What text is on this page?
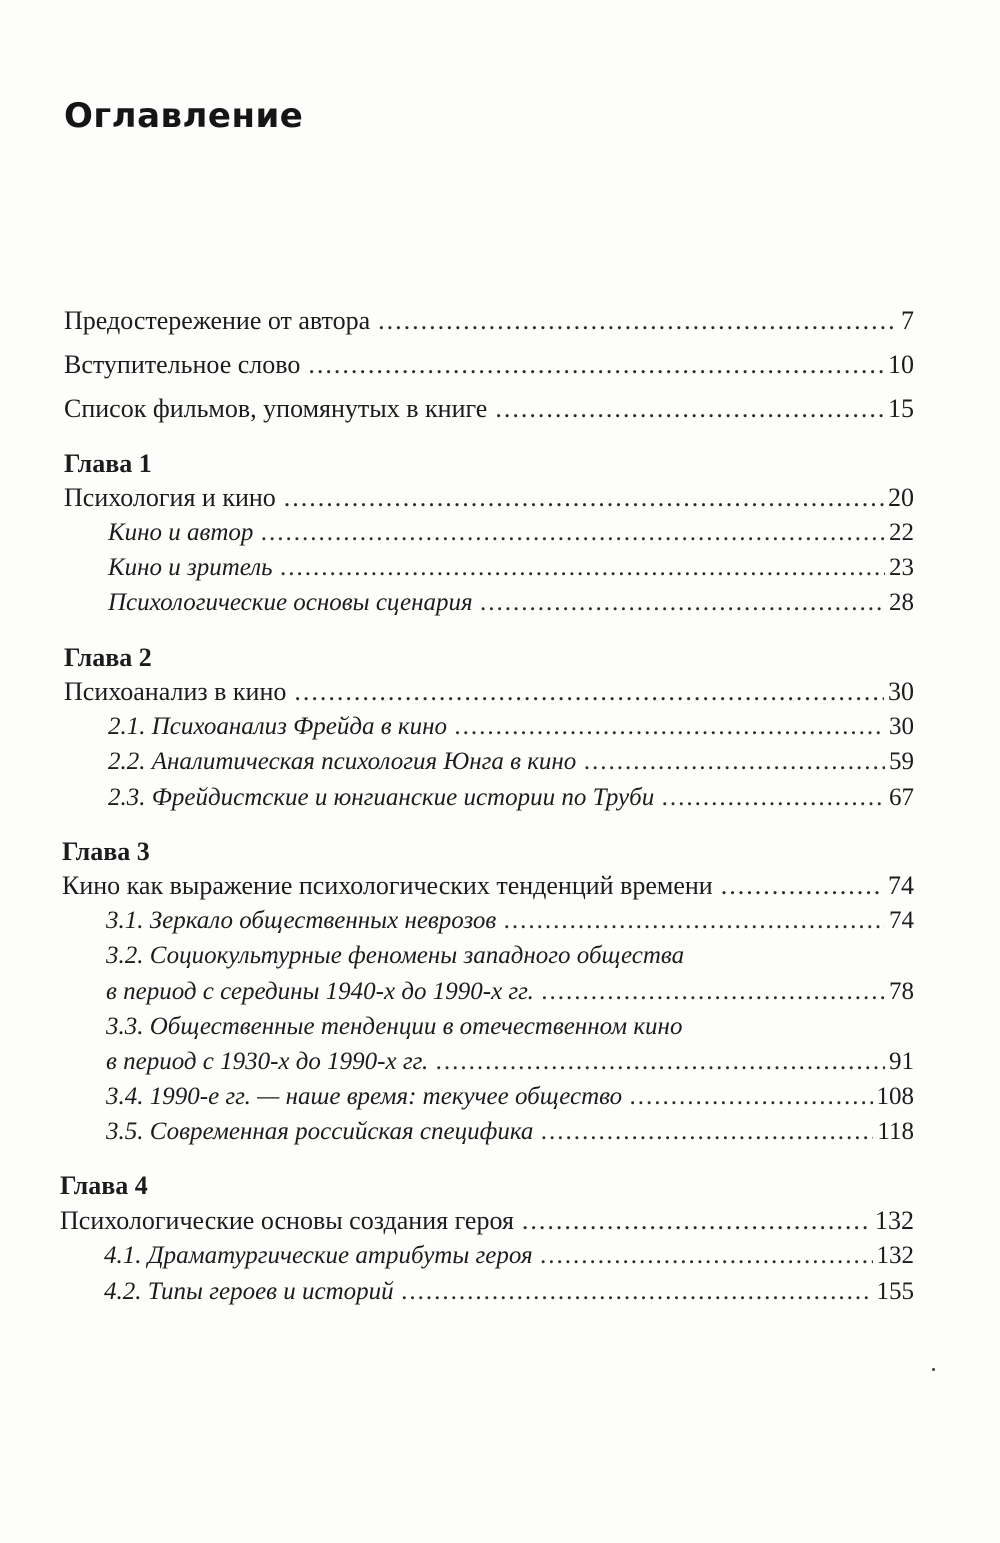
Оглавление
Предостережение от автора .....	7
Вступительное слово .....	10
Список фильмов, упомянутых в книге .....	15
Глава 1
Психология и кино .....	20
Кино и автор .....	22
Кино и зритель .....	23
Психологические основы сценария .....	28
Глава 2
Психоанализ в кино .....	30
2.1. Психоанализ Фрейда в кино .....	30
2.2. Аналитическая психология Юнга в кино .....	59
2.3. Фрейдистские и юнгианские истории по Труби .....	67
Глава 3
Кино как выражение психологических тенденций времени .....	74
3.1. Зеркало общественных неврозов .....	74
3.2. Социокультурные феномены западного общества
в период с середины 1940-х до 1990-х гг. .....	78
3.3. Общественные тенденции в отечественном кино
в период с 1930-х до 1990-х гг. .....	91
3.4. 1990-е гг. — наше время: текучее общество .....	108
3.5. Современная российская специфика .....	118
Глава 4
Психологические основы создания героя .....	132
4.1. Драматургические атрибуты героя .....	132
4.2. Типы героев и историй .....	155
